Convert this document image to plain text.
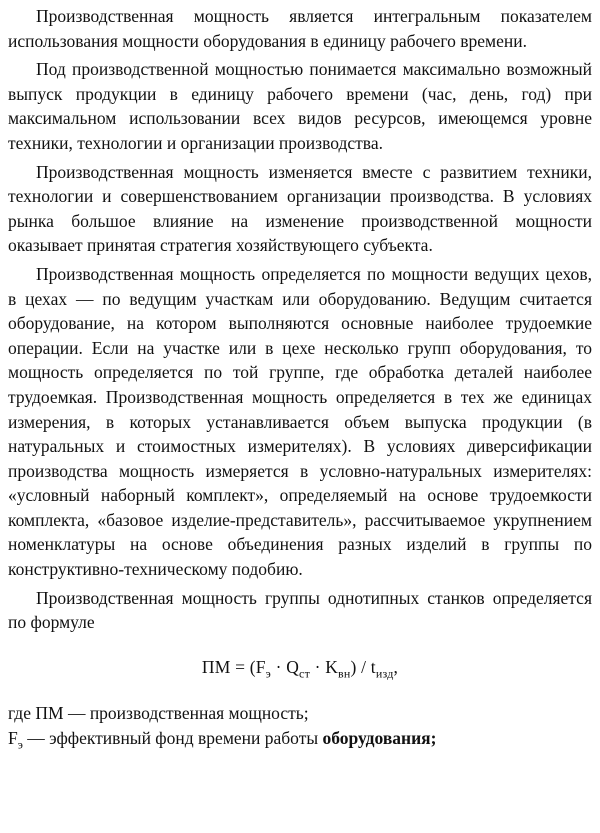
Производственная мощность является интегральным показателем использования мощности оборудования в единицу рабочего времени.

Под производственной мощностью понимается максимально возможный выпуск продукции в единицу рабочего времени (час, день, год) при максимальном использовании всех видов ресурсов, имеющемся уровне техники, технологии и организации производства.

Производственная мощность изменяется вместе с развитием техники, технологии и совершенствованием организации производства. В условиях рынка большое влияние на изменение производственной мощности оказывает принятая стратегия хозяйствующего субъекта.

Производственная мощность определяется по мощности ведущих цехов, в цехах — по ведущим участкам или оборудованию. Ведущим считается оборудование, на котором выполняются основные наиболее трудоемкие операции. Если на участке или в цехе несколько групп оборудования, то мощность определяется по той группе, где обработка деталей наиболее трудоемкая. Производственная мощность определяется в тех же единицах измерения, в которых устанавливается объем выпуска продукции (в натуральных и стоимостных измерителях). В условиях диверсификации производства мощность измеряется в условно-натуральных измерителях: «условный наборный комплект», определяемый на основе трудоемкости комплекта, «базовое изделие-представитель», рассчитываемое укрупнением номенклатуры на основе объединения разных изделий в группы по конструктивно-техническому подобию.

Производственная мощность группы однотипных станков определяется по формуле

ПМ = $(F_э \cdot Q_{ст} \cdot K_{вн}) / t_{изд}$,

где ПМ — производственная мощность;

$F_э$ — эффективный фонд времени работы оборудования;
